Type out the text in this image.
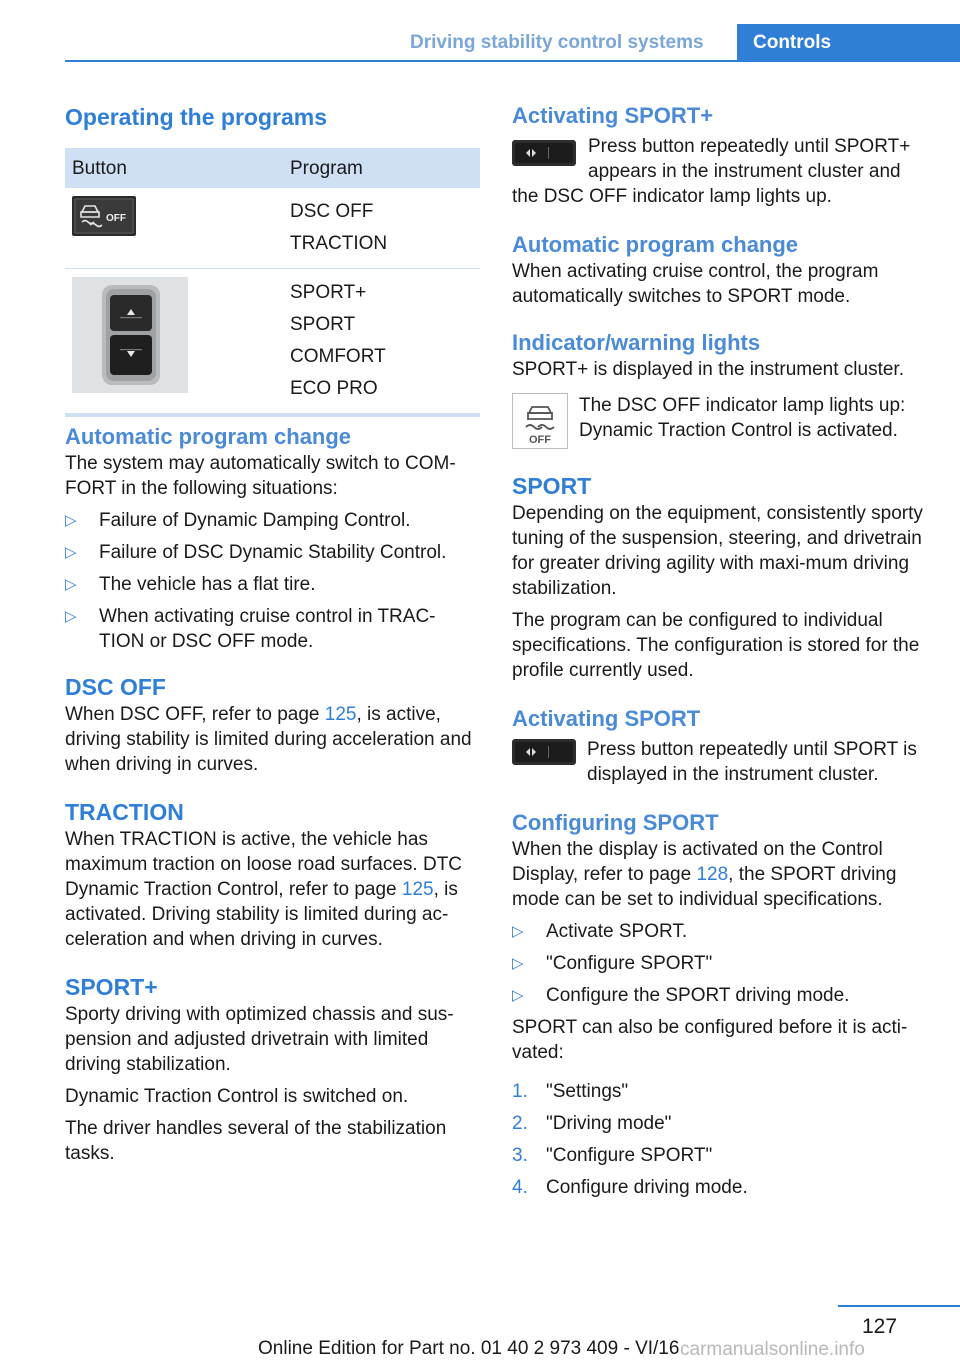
Driving stability control systems	Controls
Operating the programs
Button	Program

OFF	DSC OFF
TRACTION

SPORT+
SPORT
COMFORT
ECO PRO
Automatic program change

The system may automatically switch to COM‐FORT in the following situations:

▷ Failure of Dynamic Damping Control.
▷ Failure of DSC Dynamic Stability Control.
▷ The vehicle has a flat tire.
▷ When activating cruise control in TRAC‐TION or DSC OFF mode.
DSC OFF

When DSC OFF, refer to page 125, is active, driving stability is limited during acceleration and when driving in curves.

TRACTION

When TRACTION is active, the vehicle has maximum traction on loose road surfaces. DTC Dynamic Traction Control, refer to page 125, is activated. Driving stability is limited during ac‐celeration and when driving in curves.

SPORT+

Sporty driving with optimized chassis and sus‐pension and adjusted drivetrain with limited driving stabilization.

Dynamic Traction Control is switched on.

The driver handles several of the stabilization tasks.

Activating SPORT+

Press button repeatedly until SPORT+ appears in the instrument cluster and the DSC OFF indicator lamp lights up.

Automatic program change

When activating cruise control, the program automatically switches to SPORT mode.

Indicator/warning lights

SPORT+ is displayed in the instrument cluster.

OFF

The DSC OFF indicator lamp lights up: Dynamic Traction Control is activated.

SPORT

Depending on the equipment, consistently sporty tuning of the suspension, steering, and drivetrain for greater driving agility with maxi‐mum driving stabilization.

The program can be configured to individual specifications. The configuration is stored for the profile currently used.

Activating SPORT

Press button repeatedly until SPORT is displayed in the instrument cluster.

Configuring SPORT

When the display is activated on the Control Display, refer to page 128, the SPORT driving mode can be set to individual specifications.

▷ Activate SPORT.
▷ "Configure SPORT"
▷ Configure the SPORT driving mode.

SPORT can also be configured before it is acti‐vated:

1. "Settings"
2. "Driving mode"
3. "Configure SPORT"
4. Configure driving mode.
127
Online Edition for Part no. 01 40 2 973 409 - VI/16 carmanualsonline.info
